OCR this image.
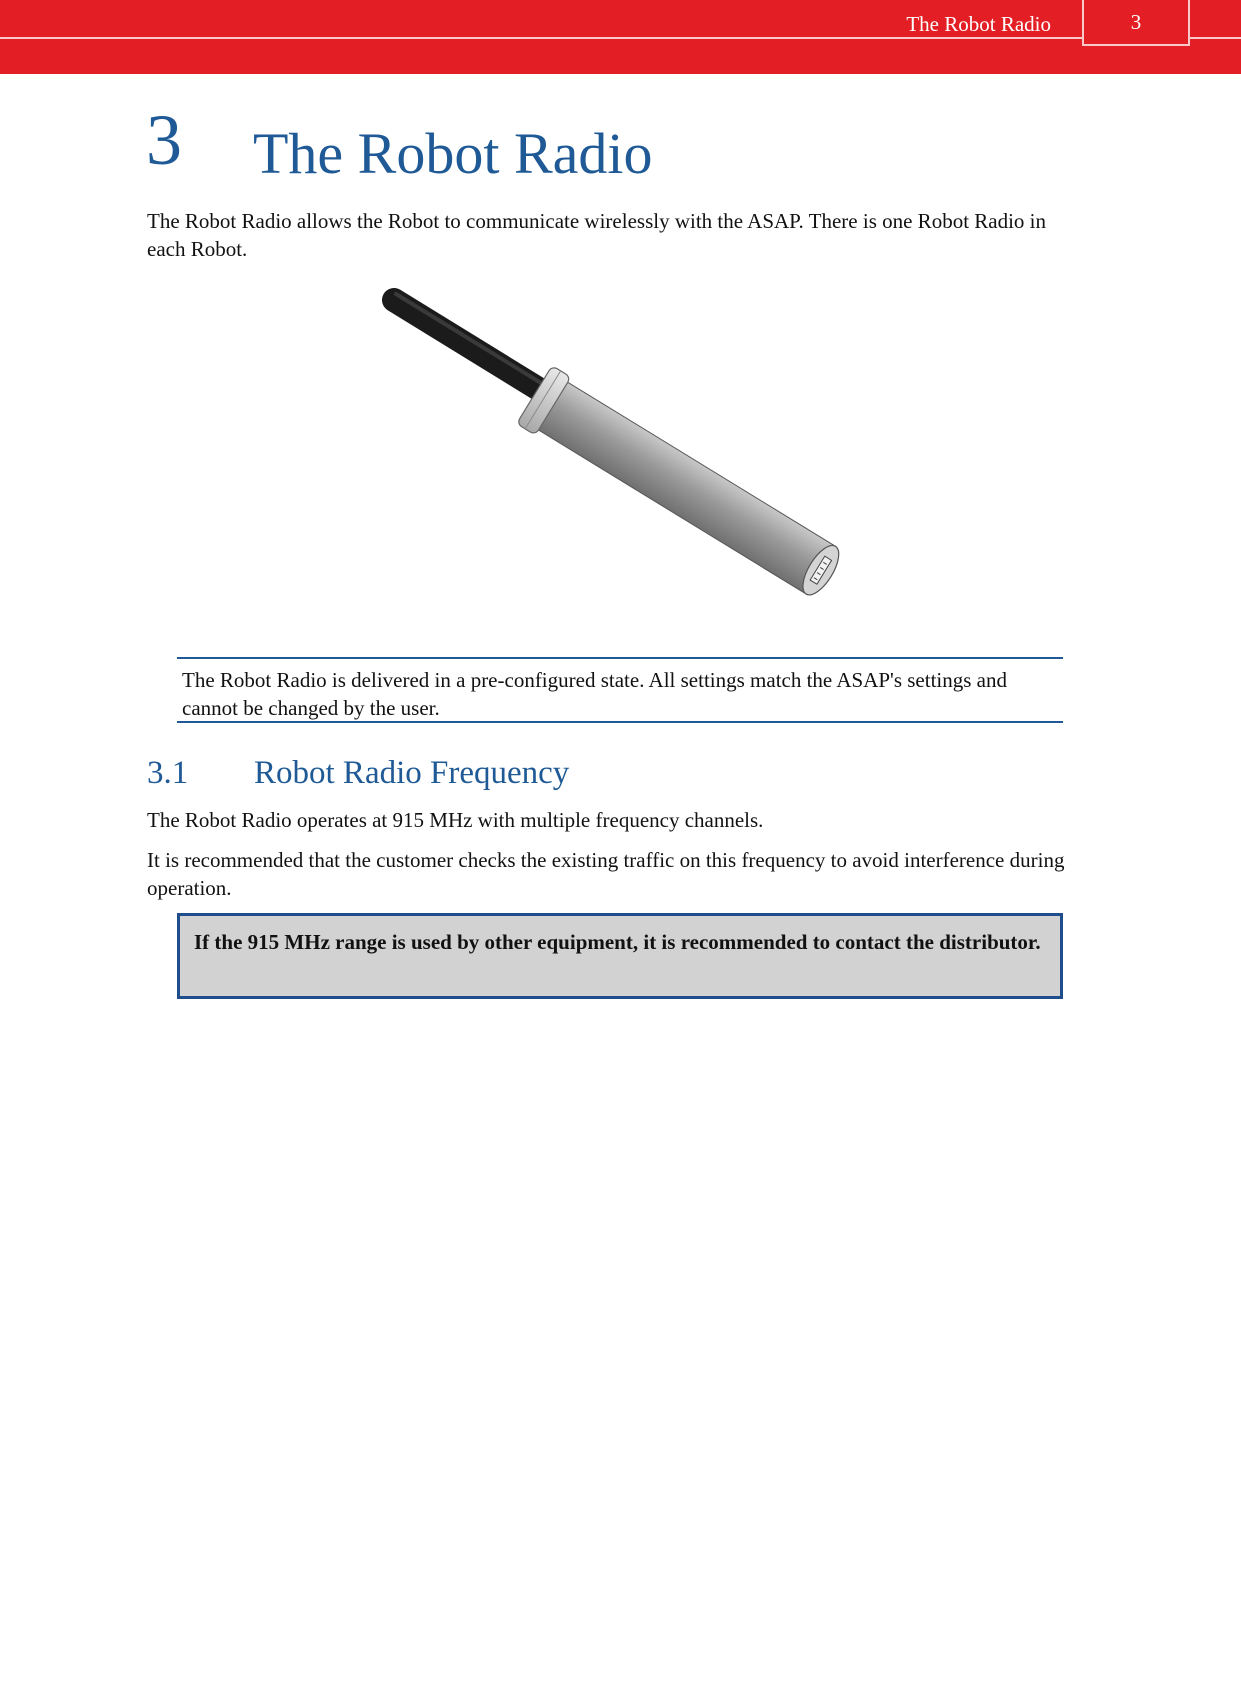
The Robot Radio	3
3 The Robot Radio

The Robot Radio allows the Robot to communicate wirelessly with the ASAP. There is one Robot Radio in each Robot.

The Robot Radio is delivered in a pre-configured state. All settings match the ASAP's settings and cannot be changed by the user.
3.1 Robot Radio Frequency

The Robot Radio operates at 915 MHz with multiple frequency channels.

It is recommended that the customer checks the existing traffic on this frequency to avoid interference during operation.

If the 915 MHz range is used by other equipment, it is recommended to contact the distributor.
